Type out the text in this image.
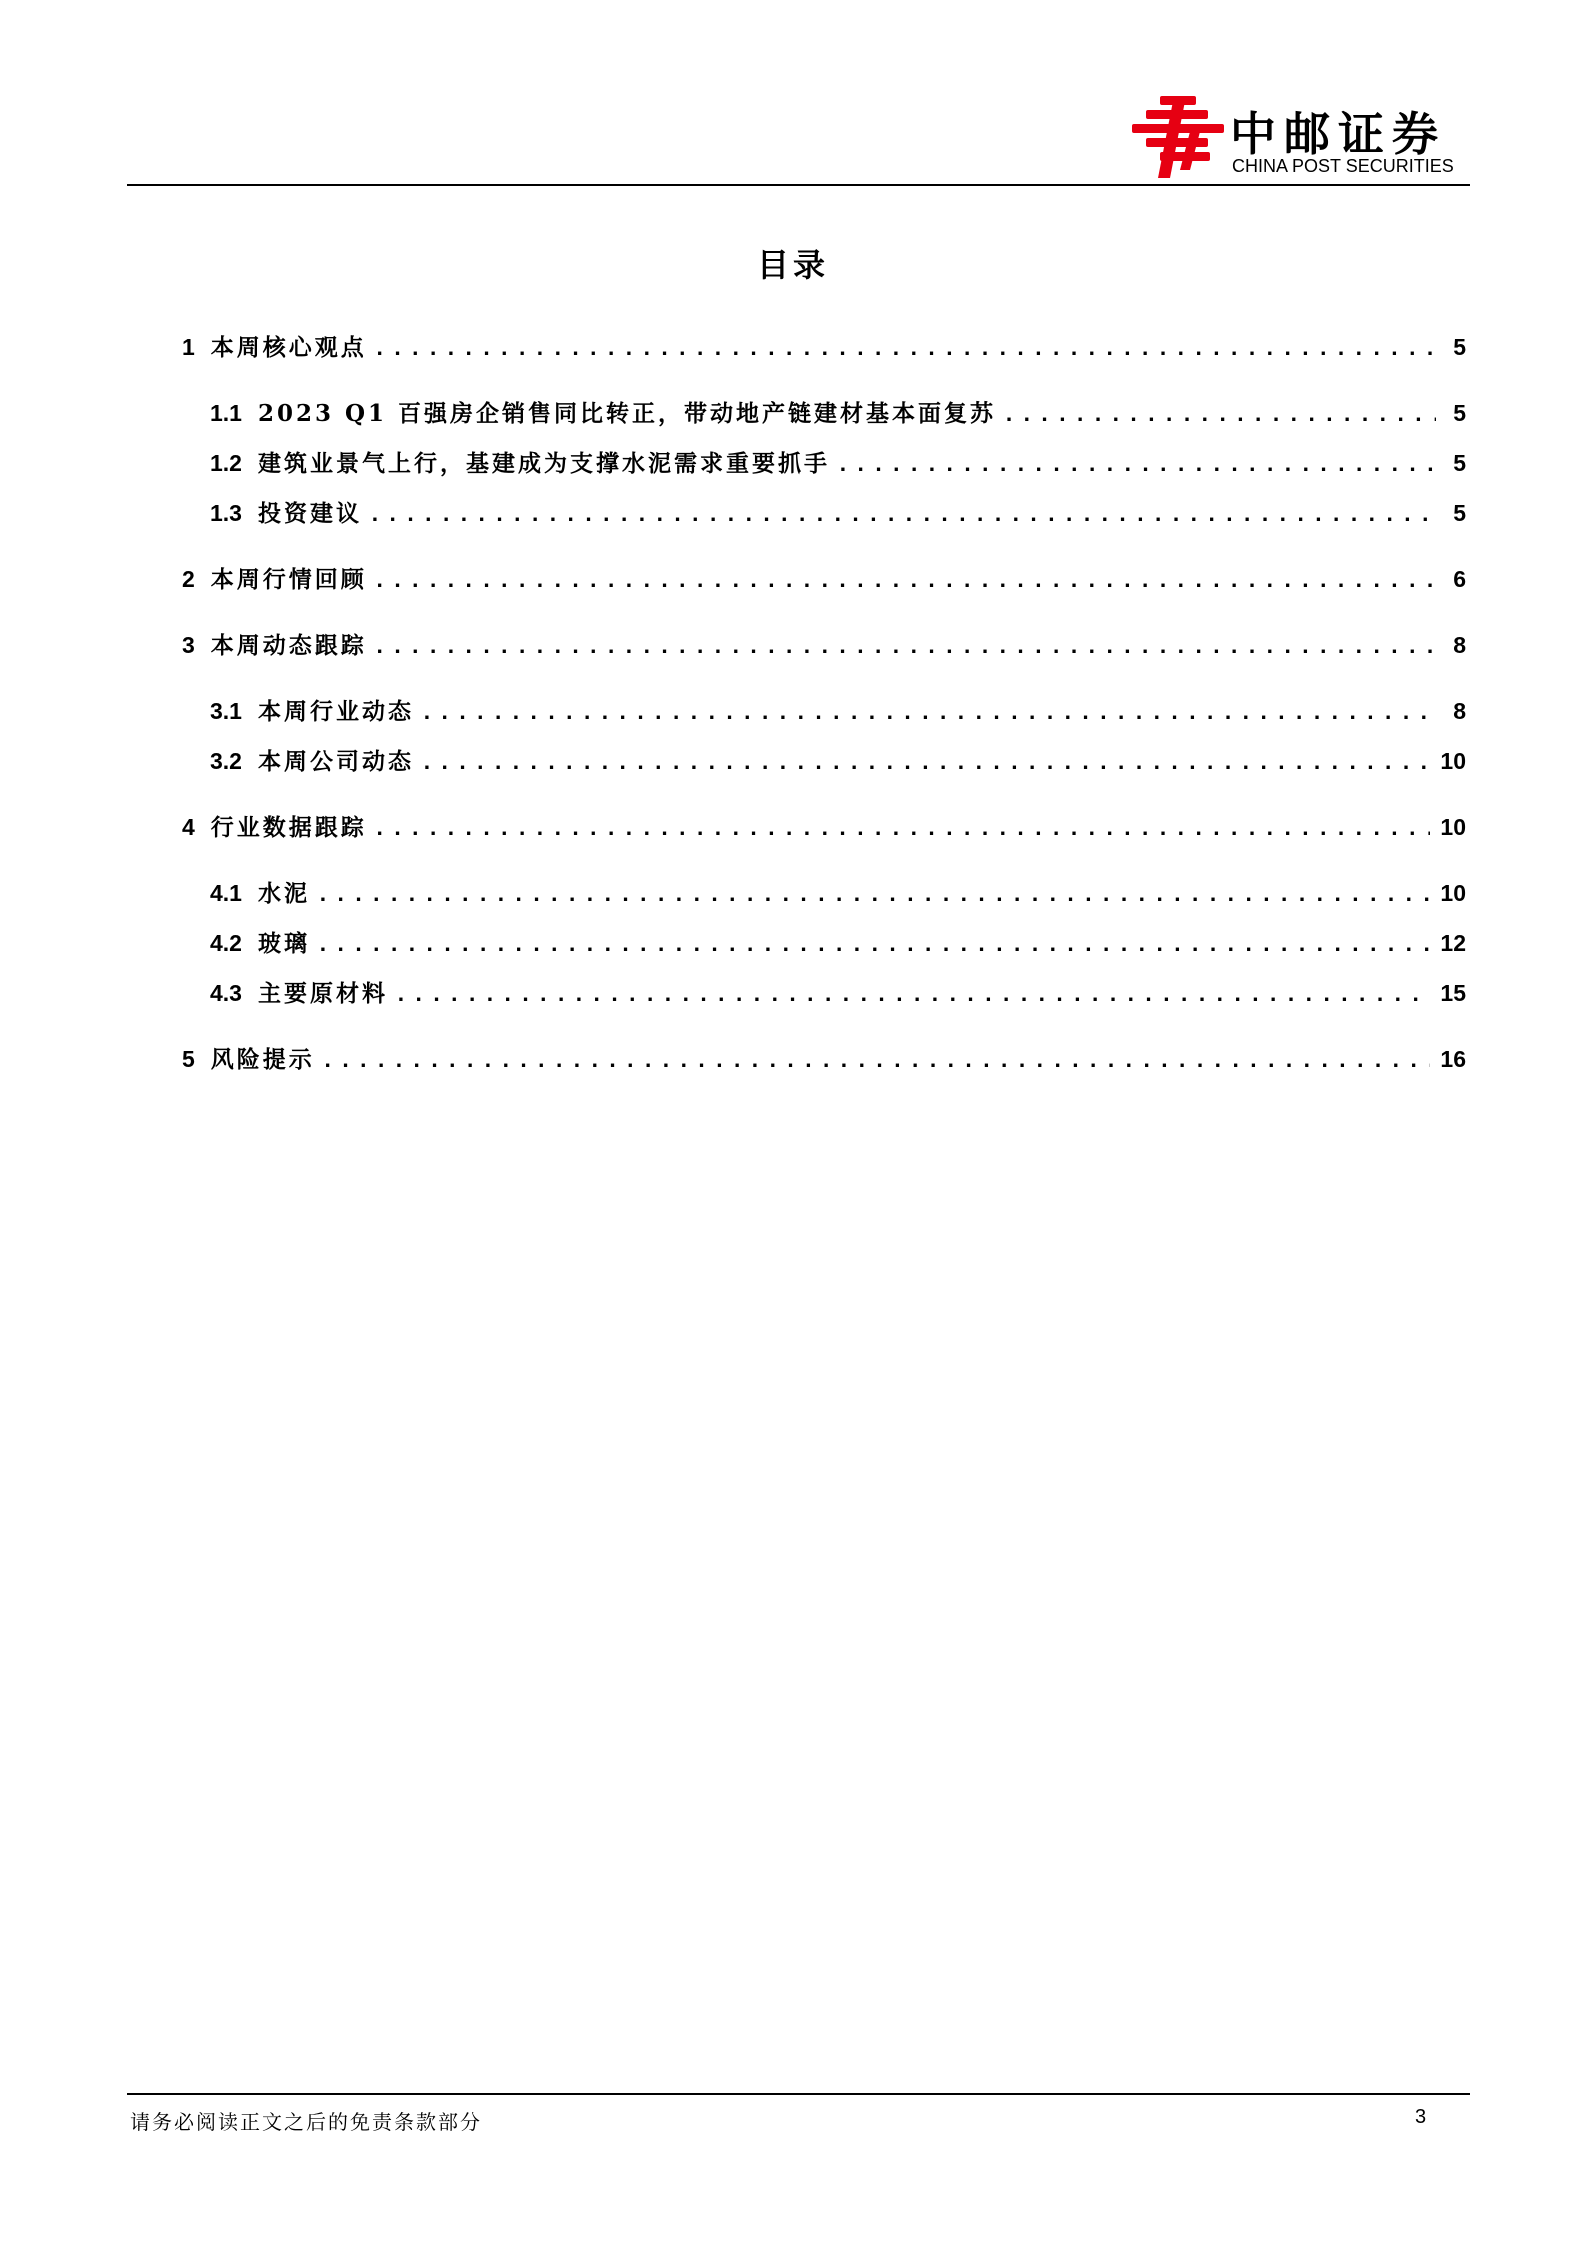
中邮证券
CHINA POST SECURITIES
目录
1 本周核心观点 .....	5
1.1 2023 Q1 百强房企销售同比转正，带动地产链建材基本面复苏 .....	5
1.2 建筑业景气上行，基建成为支撑水泥需求重要抓手 .....	5
1.3 投资建议 .....	5
2 本周行情回顾 .....	6
3 本周动态跟踪 .....	8
3.1 本周行业动态 .....	8
3.2 本周公司动态 .....	10
4 行业数据跟踪 .....	10
4.1 水泥 .....	10
4.2 玻璃 .....	12
4.3 主要原材料 .....	15
5 风险提示 .....	16
请务必阅读正文之后的免责条款部分	3
